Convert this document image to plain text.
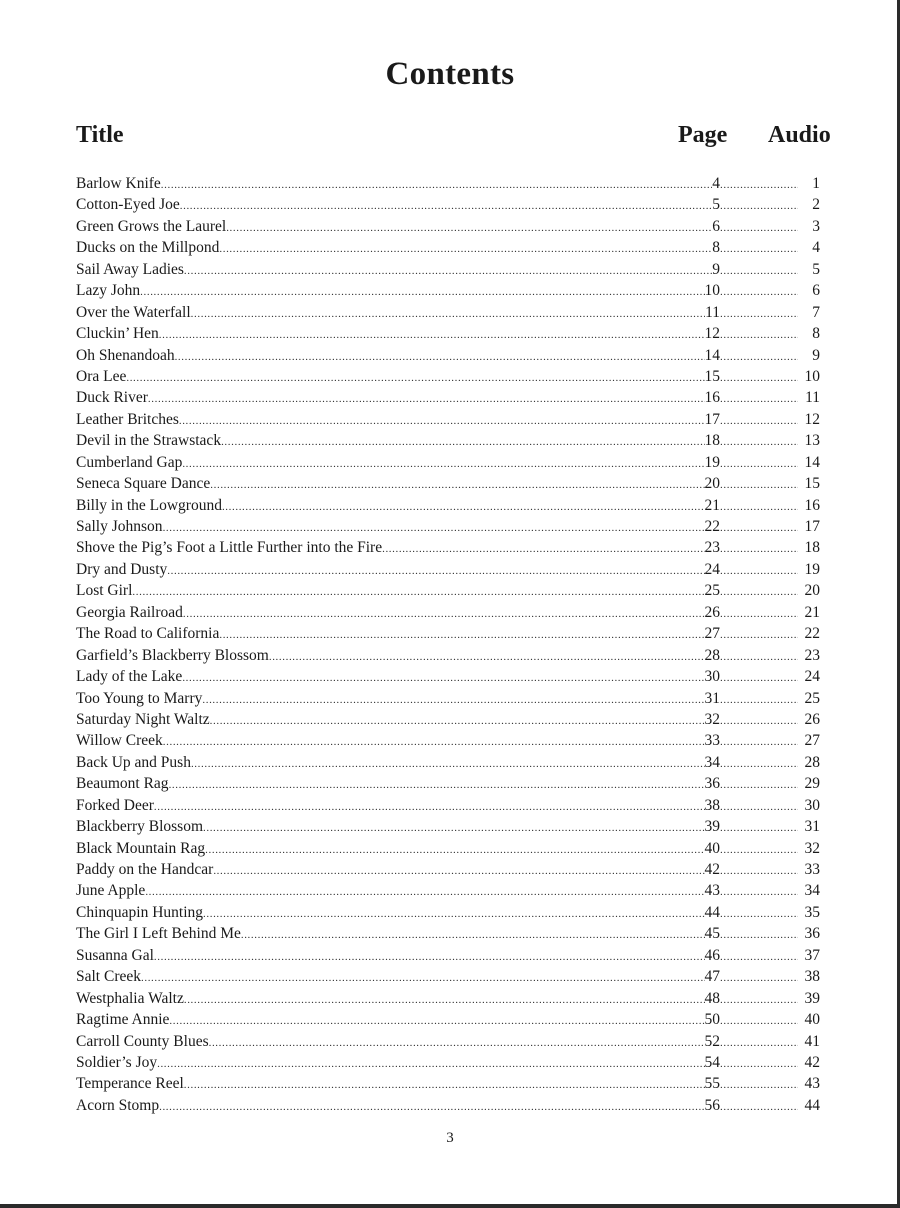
Contents
Title	Page Audio
Barlow Knife .....	4 .....	1
Cotton-Eyed Joe .....	5 .....	2
Green Grows the Laurel .....	6 .....	3
Ducks on the Millpond .....	8 .....	4
Sail Away Ladies .....	9 .....	5
Lazy John .....	10 .....	6
Over the Waterfall .....	11 .....	7
Cluckin’ Hen .....	12 .....	8
Oh Shenandoah .....	14 .....	9
Ora Lee .....	15 .....	10
Duck River .....	16 .....	11
Leather Britches .....	17 .....	12
Devil in the Strawstack .....	18 .....	13
Cumberland Gap .....	19 .....	14
Seneca Square Dance .....	20 .....	15
Billy in the Lowground .....	21 .....	16
Sally Johnson .....	22 .....	17
Shove the Pig’s Foot a Little Further into the Fire .....	23 .....	18
Dry and Dusty .....	24 .....	19
Lost Girl .....	25 .....	20
Georgia Railroad .....	26 .....	21
The Road to California .....	27 .....	22
Garfield’s Blackberry Blossom .....	28 .....	23
Lady of the Lake .....	30 .....	24
Too Young to Marry .....	31 .....	25
Saturday Night Waltz .....	32 .....	26
Willow Creek .....	33 .....	27
Back Up and Push .....	34 .....	28
Beaumont Rag .....	36 .....	29
Forked Deer .....	38 .....	30
Blackberry Blossom .....	39 .....	31
Black Mountain Rag .....	40 .....	32
Paddy on the Handcar .....	42 .....	33
June Apple .....	43 .....	34
Chinquapin Hunting .....	44 .....	35
The Girl I Left Behind Me .....	45 .....	36
Susanna Gal .....	46 .....	37
Salt Creek .....	47 .....	38
Westphalia Waltz .....	48 .....	39
Ragtime Annie .....	50 .....	40
Carroll County Blues .....	52 .....	41
Soldier’s Joy .....	54 .....	42
Temperance Reel .....	55 .....	43
Acorn Stomp .....	56 .....	44
3
